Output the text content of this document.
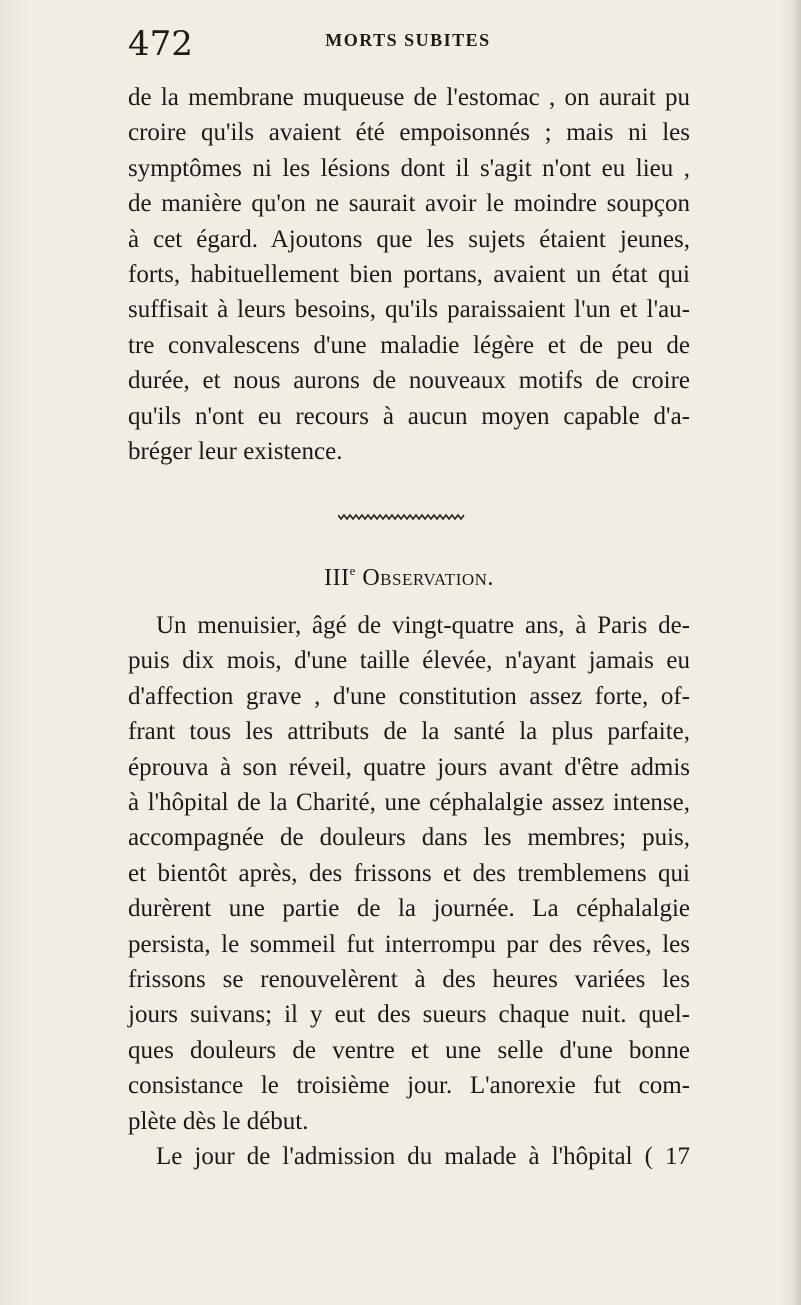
472	MORTS SUBITES
de la membrane muqueuse de l'estomac , on aurait pu
croire qu'ils avaient été empoisonnés ; mais ni les
symptômes ni les lésions dont il s'agit n'ont eu lieu ,
de manière qu'on ne saurait avoir le moindre soupçon
à cet égard. Ajoutons que les sujets étaient jeunes,
forts, habituellement bien portans, avaient un état qui
suffisait à leurs besoins, qu'ils paraissaient l'un et l'au-
tre convalescens d'une maladie légère et de peu de
durée, et nous aurons de nouveaux motifs de croire
qu'ils n'ont eu recours à aucun moyen capable d'a-
bréger leur existence.
IIIe Observation.
Un menuisier, âgé de vingt-quatre ans, à Paris de-
puis dix mois, d'une taille élevée, n'ayant jamais eu
d'affection grave , d'une constitution assez forte, of-
frant tous les attributs de la santé la plus parfaite,
éprouva à son réveil, quatre jours avant d'être admis
à l'hôpital de la Charité, une céphalalgie assez intense,
accompagnée de douleurs dans les membres; puis,
et bientôt après, des frissons et des tremblemens qui
durèrent une partie de la journée. La céphalalgie
persista, le sommeil fut interrompu par des rêves, les
frissons se renouvelèrent à des heures variées les
jours suivans; il y eut des sueurs chaque nuit. quel-
ques douleurs de ventre et une selle d'une bonne
consistance le troisième jour. L'anorexie fut com-
plète dès le début.
Le jour de l'admission du malade à l'hôpital ( 17
